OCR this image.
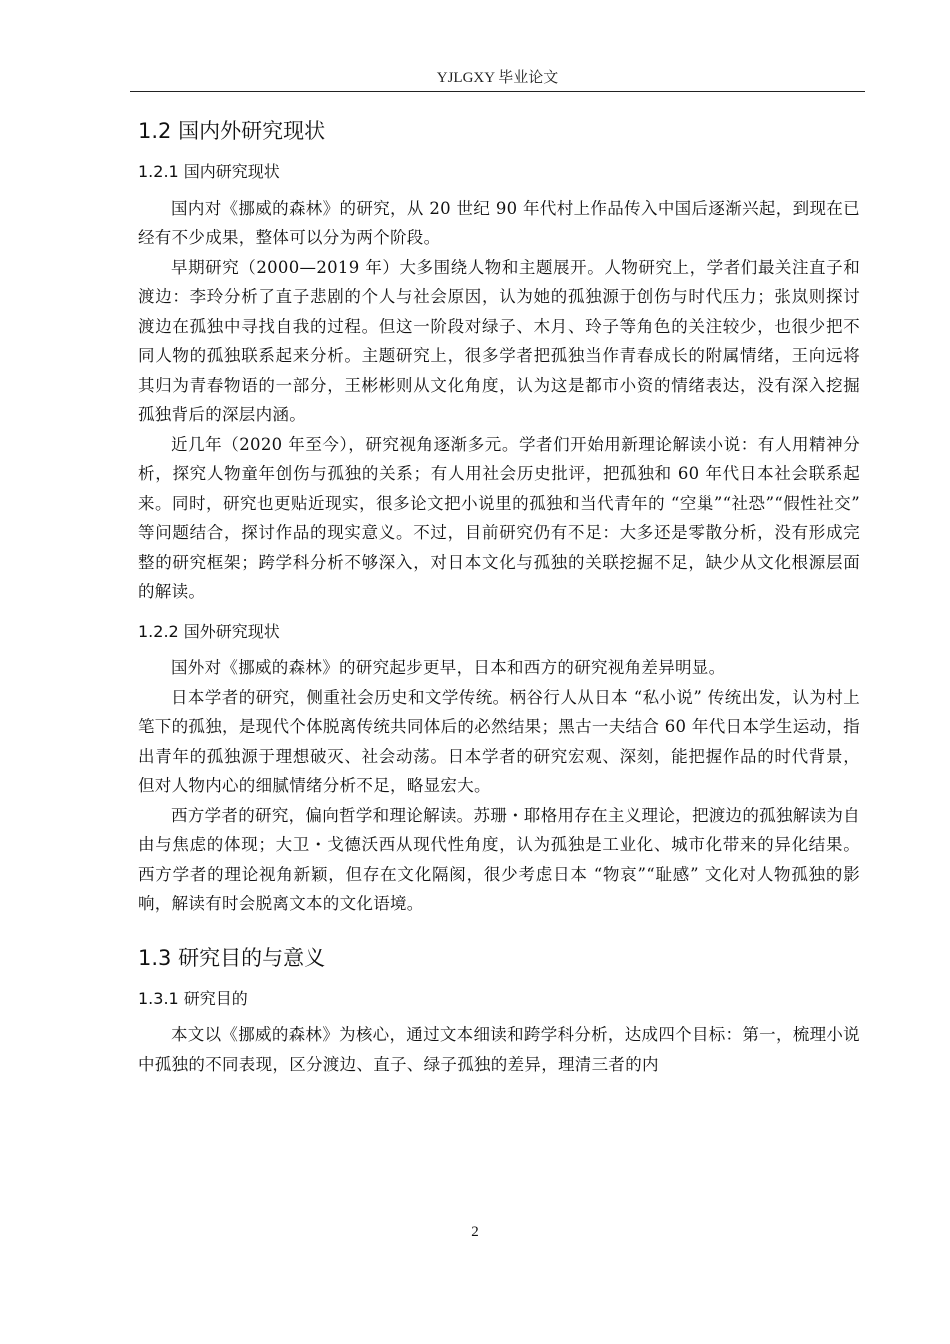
YJLGXY 毕业论文
1.2 国内外研究现状
1.2.1 国内研究现状

国内对《挪威的森林》的研究，从 20 世纪 90 年代村上作品传入中国后逐渐兴起，到现在已经有不少成果，整体可以分为两个阶段。

早期研究（2000—2019 年）大多围绕人物和主题展开。人物研究上，学者们最关注直子和渡边：李玲分析了直子悲剧的个人与社会原因，认为她的孤独源于创伤与时代压力；张岚则探讨渡边在孤独中寻找自我的过程。但这一阶段对绿子、木月、玲子等角色的关注较少，也很少把不同人物的孤独联系起来分析。主题研究上，很多学者把孤独当作青春成长的附属情绪，王向远将其归为青春物语的一部分，王彬彬则从文化角度，认为这是都市小资的情绪表达，没有深入挖掘孤独背后的深层内涵。

近几年（2020 年至今），研究视角逐渐多元。学者们开始用新理论解读小说：有人用精神分析，探究人物童年创伤与孤独的关系；有人用社会历史批评，把孤独和 60 年代日本社会联系起来。同时，研究也更贴近现实，很多论文把小说里的孤独和当代青年的 “空巢”“社恐”“假性社交” 等问题结合，探讨作品的现实意义。不过，目前研究仍有不足：大多还是零散分析，没有形成完整的研究框架；跨学科分析不够深入，对日本文化与孤独的关联挖掘不足，缺少从文化根源层面的解读。

1.2.2 国外研究现状

国外对《挪威的森林》的研究起步更早，日本和西方的研究视角差异明显。

日本学者的研究，侧重社会历史和文学传统。柄谷行人从日本 “私小说” 传统出发，认为村上笔下的孤独，是现代个体脱离传统共同体后的必然结果；黑古一夫结合 60 年代日本学生运动，指出青年的孤独源于理想破灭、社会动荡。日本学者的研究宏观、深刻，能把握作品的时代背景，但对人物内心的细腻情绪分析不足，略显宏大。

西方学者的研究，偏向哲学和理论解读。苏珊・耶格用存在主义理论，把渡边的孤独解读为自由与焦虑的体现；大卫・戈德沃西从现代性角度，认为孤独是工业化、城市化带来的异化结果。西方学者的理论视角新颖，但存在文化隔阂，很少考虑日本 “物哀”“耻感” 文化对人物孤独的影响，解读有时会脱离文本的文化语境。

1.3 研究目的与意义
1.3.1 研究目的

本文以《挪威的森林》为核心，通过文本细读和跨学科分析，达成四个目标：第一，梳理小说中孤独的不同表现，区分渡边、直子、绿子孤独的差异，理清三者的内

2
